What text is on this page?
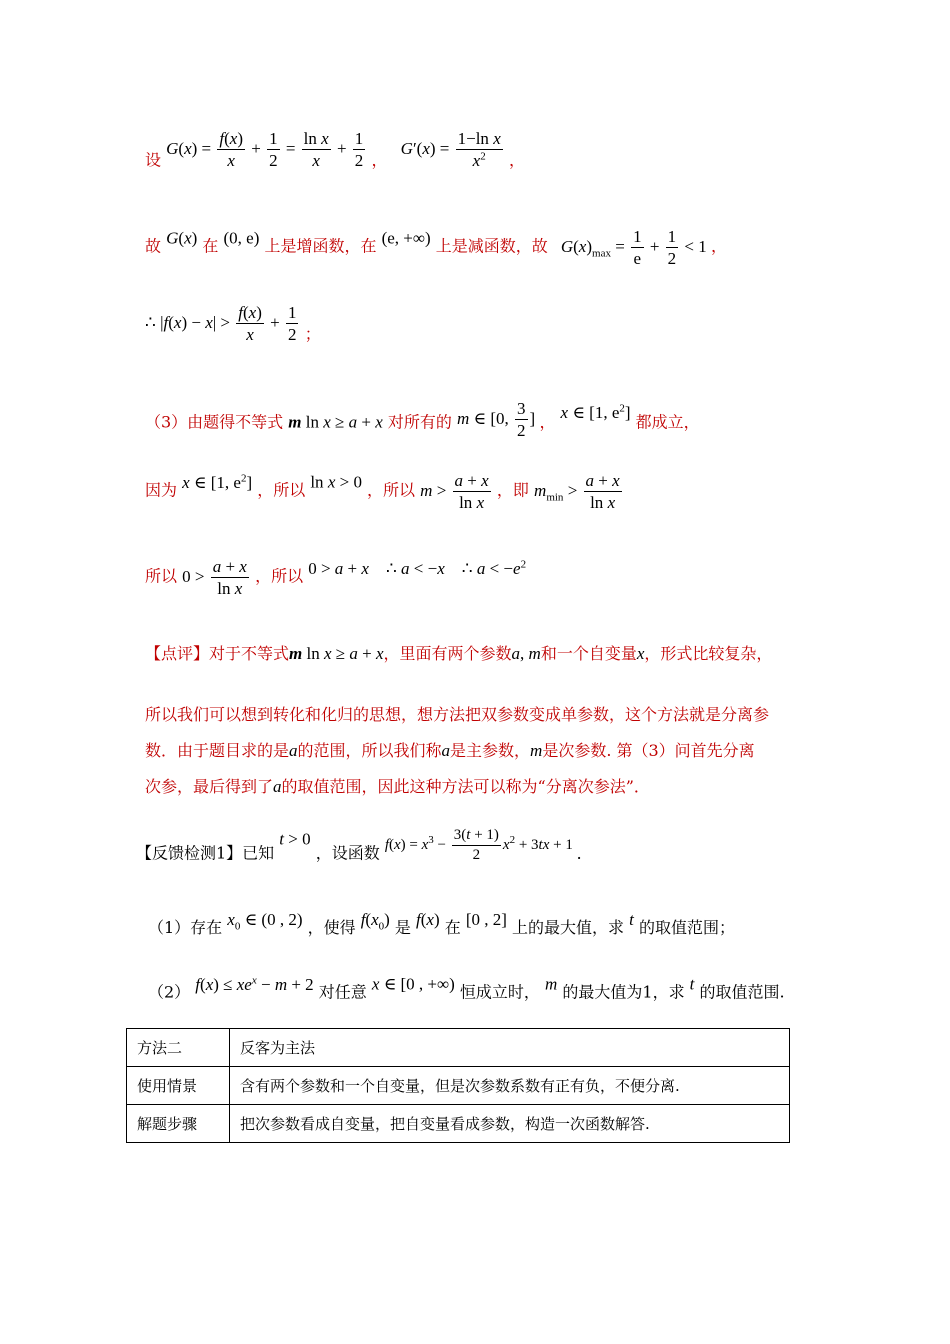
设 $G(x) = \frac{f(x)}{x} + \frac{1}{2} = \frac{\text{ln x}}{x} + \frac{1}{2}$ ， $G'(x) = \frac{\text{1−ln x}}{x^2}$ ，
故 G(x) 在 (0, e) 上是增函数，在 (e, +∞) 上是减函数，故 $G(x)_{max} = \frac{1}{e} + \frac{1}{2} < 1$ ，
∴ $|f(x) - x| > \frac{f(x)}{x} + \frac{1}{2}$ ；
（3）由题得不等式 m ln x ≥ a + x 对所有的 m ∈ [0, $\frac{3}{2}$ ] ， x ∈ [1, $e^2$] 都成立，
因为 x ∈ [1, $e^2$] ，所以 ln x > 0 ，所以 $m > \frac{a + x}{\text{ln x}}$ ，即 $m_{min} > \frac{a + x}{\text{ln x}}$
所以 $0 > \frac{a + x}{\text{ln x}}$ ，所以 0 > a + x    ∴ a < −x    ∴ $a < -e^2$
【点评】对于不等式m ln x ≥ a + x，里面有两个参数a, m和一个自变量x，形式比较复杂，
所以我们可以想到转化和化归的思想，想方法把双参数变成单参数，这个方法就是分离参
数．由于题目求的是a的范围，所以我们称a是主参数，m是次参数. 第（3）问首先分离
次参，最后得到了a的取值范围，因此这种方法可以称为“分离次参法”．
【反馈检测1】已知 t > 0 ，设函数 $f(x) = x^3 - \frac{3(t + 1)}{2} x^2 + 3tx + 1$ ．
（1）存在 $x_0$ ∈ (0 , 2) ，使得 $f(x_0)$ 是 f(x) 在 [0 , 2] 上的最大值，求 t 的取值范围；
（2） $f(x) \le xe^x - m + 2$ 对任意 x ∈ [0 , +∞) 恒成立时， m 的最大值为1，求 t 的取值范围.
方法二	反客为主法
使用情景	含有两个参数和一个自变量，但是次参数系数有正有负，不便分离.
解题步骤	把次参数看成自变量，把自变量看成参数，构造一次函数解答.
